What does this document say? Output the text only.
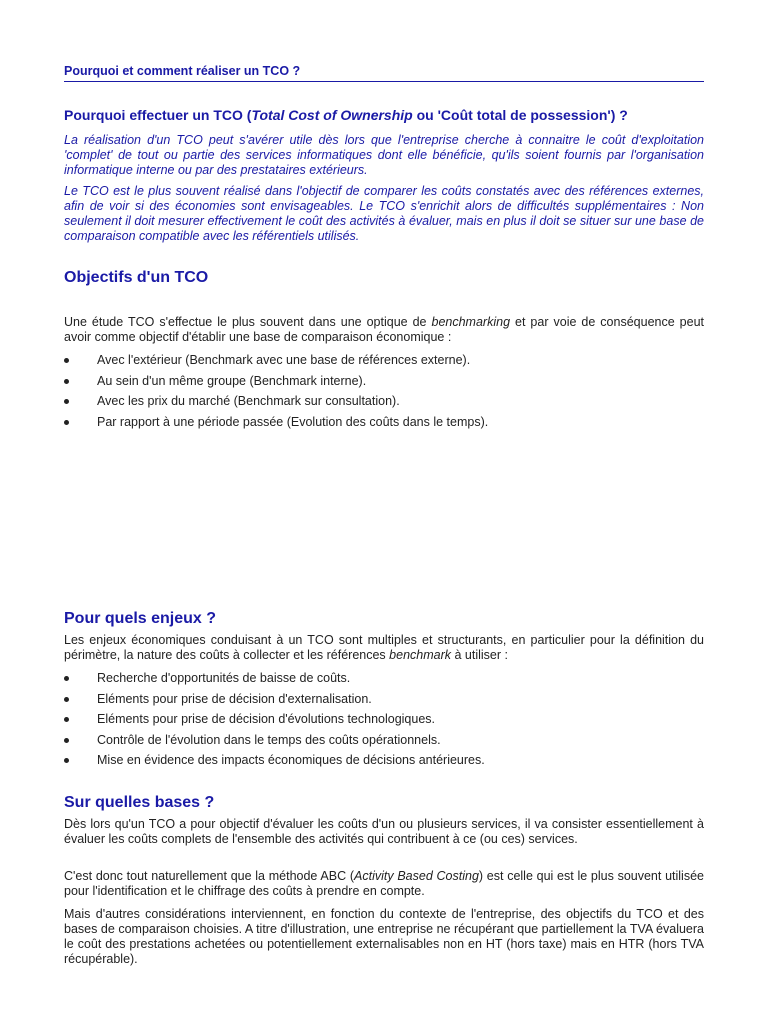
Pourquoi et comment réaliser un TCO ?
Pourquoi effectuer un TCO (Total Cost of Ownership ou 'Coût total de possession') ?

La réalisation d'un TCO peut s'avérer utile dès lors que l'entreprise cherche à connaitre le coût d'exploitation 'complet' de tout ou partie des services informatiques dont elle bénéficie, qu'ils soient fournis par l'organisation informatique interne ou par des prestataires extérieurs.

Le TCO est le plus souvent réalisé dans l'objectif de comparer les coûts constatés avec des références externes, afin de voir si des économies sont envisageables. Le TCO s'enrichit alors de difficultés supplémentaires : Non seulement il doit mesurer effectivement le coût des activités à évaluer, mais en plus il doit se situer sur une base de comparaison compatible avec les référentiels utilisés.

Objectifs d'un TCO

Une étude TCO s'effectue le plus souvent dans une optique de benchmarking et par voie de conséquence peut avoir comme objectif d'établir une base de comparaison économique :

Avec l'extérieur (Benchmark avec une base de références externe).
Au sein d'un même groupe (Benchmark interne).
Avec les prix du marché (Benchmark sur consultation).
Par rapport à une période passée (Evolution des coûts dans le temps).
Pour quels enjeux ?

Les enjeux économiques conduisant à un TCO sont multiples et structurants, en particulier pour la définition du périmètre, la nature des coûts à collecter et les références benchmark à utiliser :

Recherche d'opportunités de baisse de coûts.
Eléments pour prise de décision d'externalisation.
Eléments pour prise de décision d'évolutions technologiques.
Contrôle de l'évolution dans le temps des coûts opérationnels.
Mise en évidence des impacts économiques de décisions antérieures.
Sur quelles bases ?

Dès lors qu'un TCO a pour objectif d'évaluer les coûts d'un ou plusieurs services, il va consister essentiellement à évaluer les coûts complets de l'ensemble des activités qui contribuent à ce (ou ces) services.

C'est donc tout naturellement que la méthode ABC (Activity Based Costing) est celle qui est le plus souvent utilisée pour l'identification et le chiffrage des coûts à prendre en compte.

Mais d'autres considérations interviennent, en fonction du contexte de l'entreprise, des objectifs du TCO et des bases de comparaison choisies. A titre d'illustration, une entreprise ne récupérant que partiellement la TVA évaluera le coût des prestations achetées ou potentiellement externalisables non en HT (hors taxe) mais en HTR (hors TVA récupérable).
